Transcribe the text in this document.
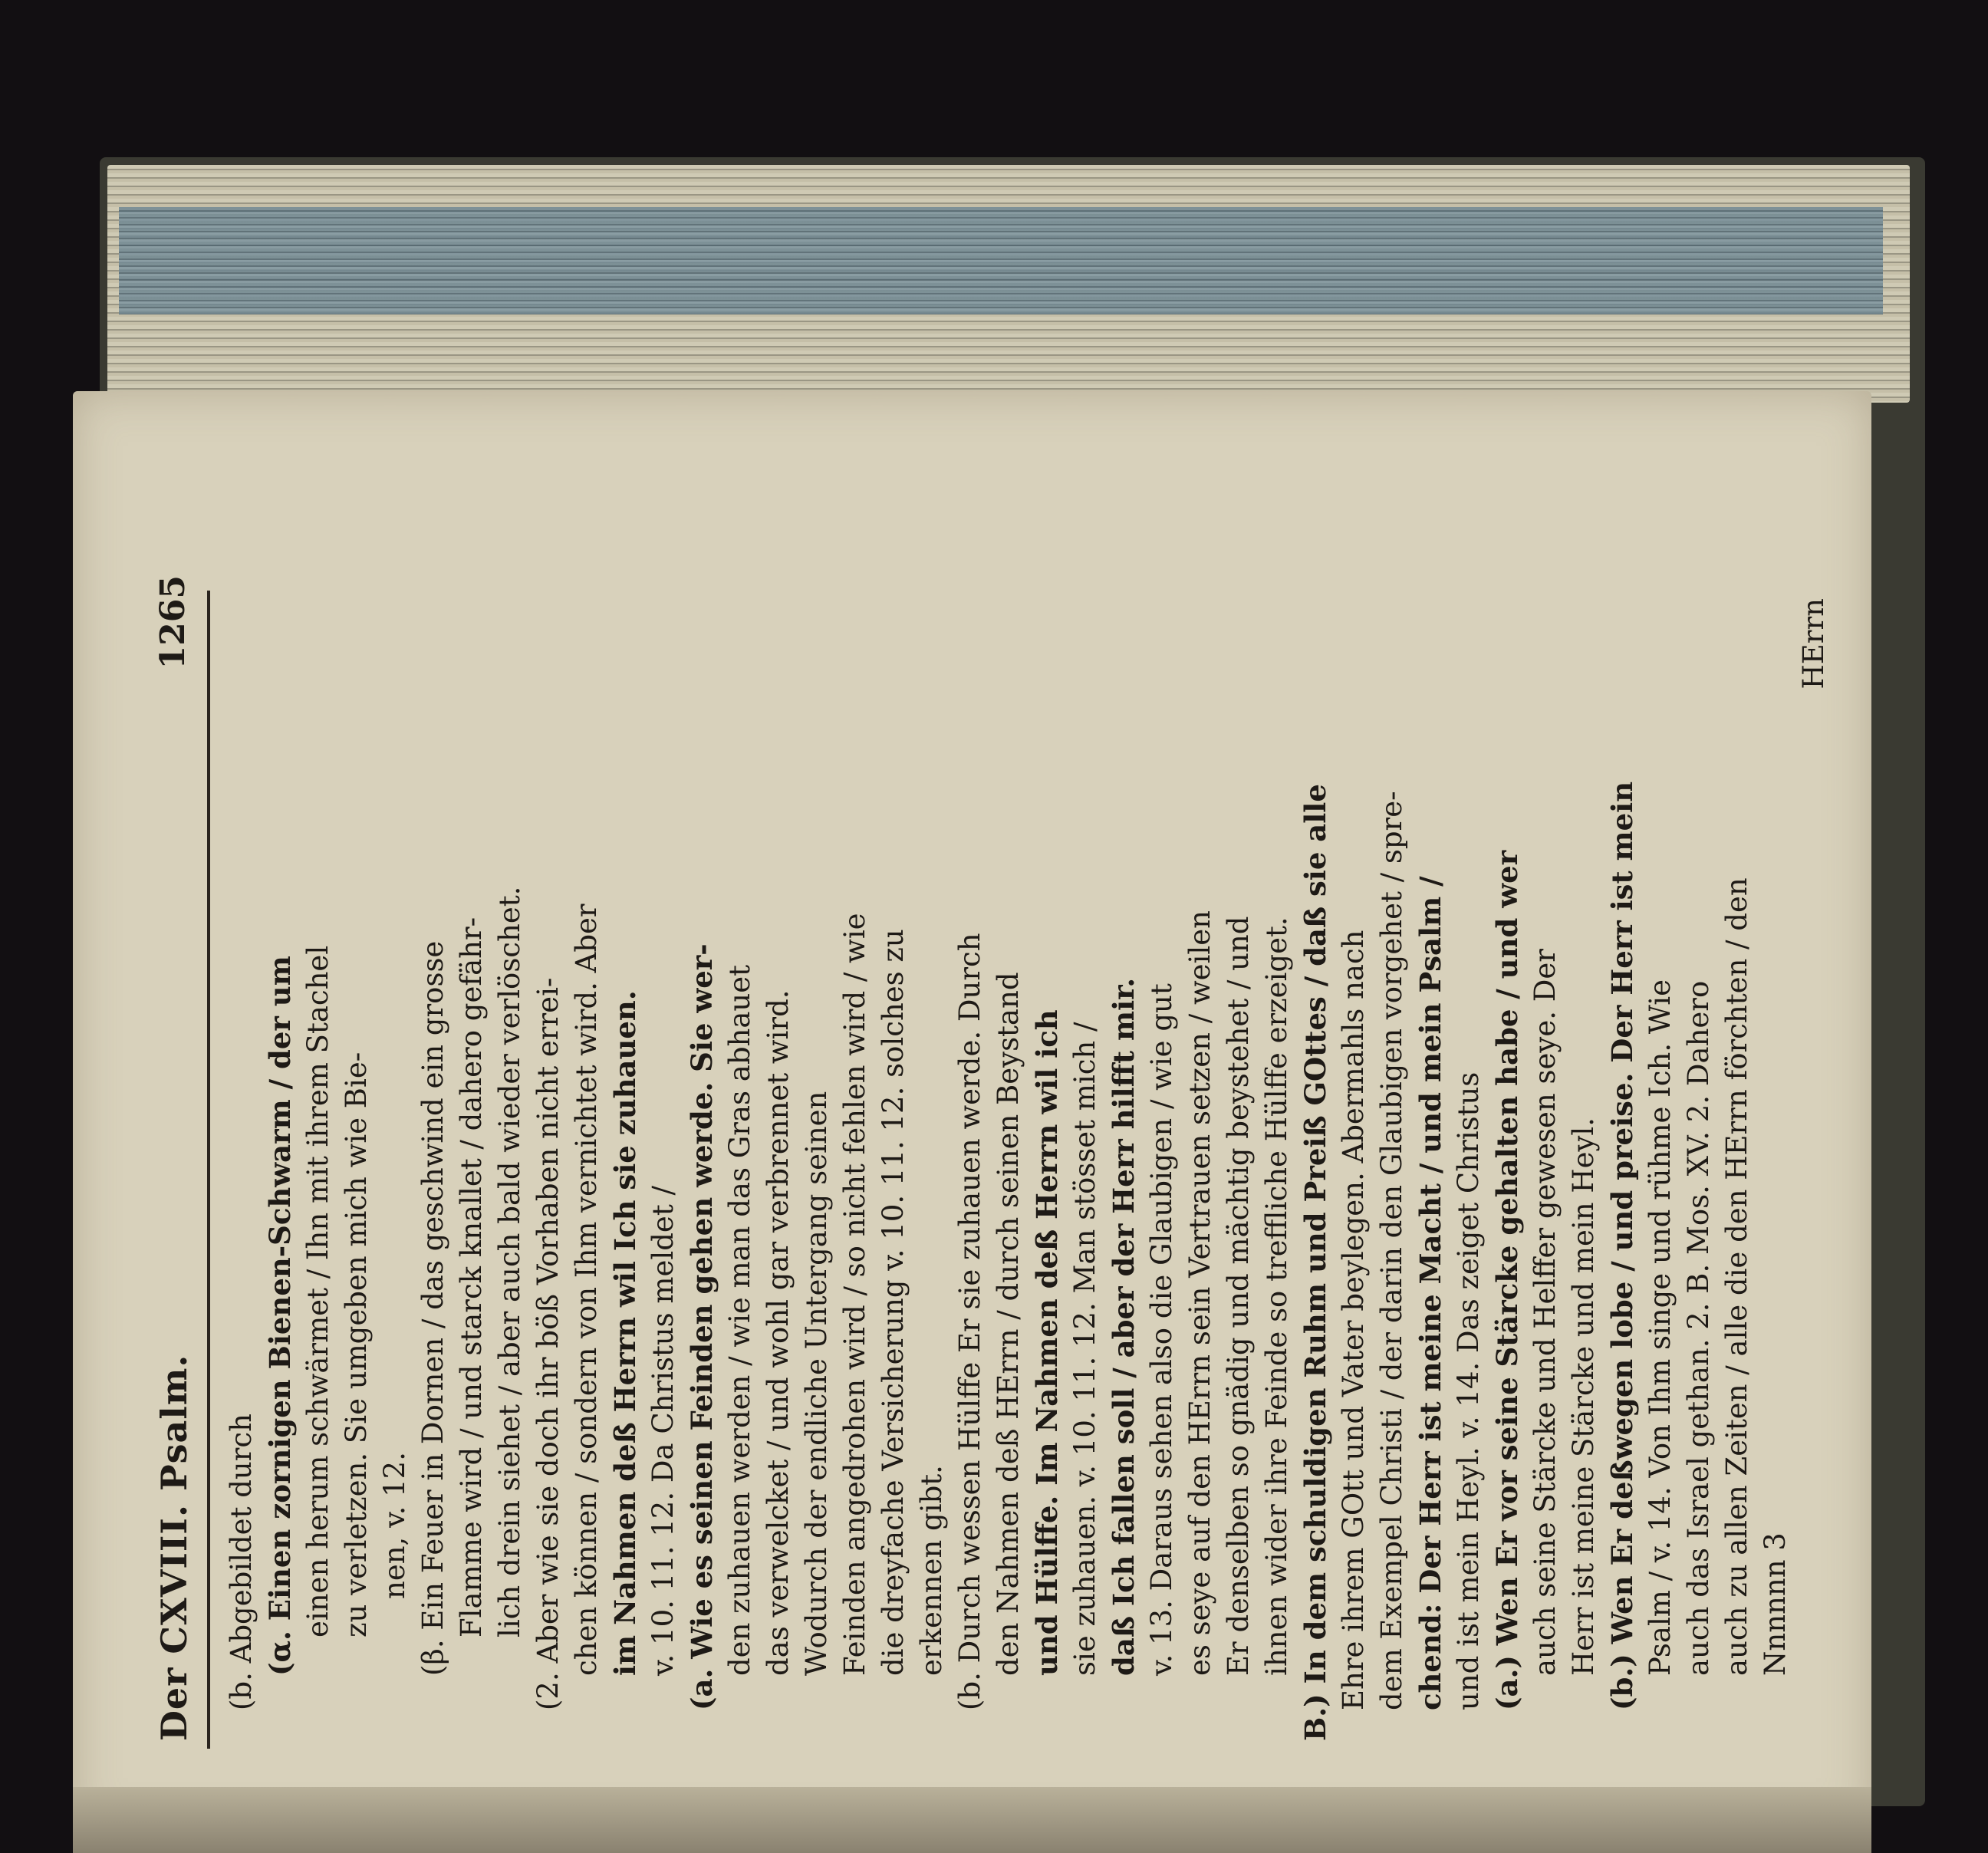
Der CXVIII. Psalm.
1265
(b. Abgebildet durch (α. Einen zornigen Bienen-Schwarm / der um einen herum schwärmet / Ihn mit ihrem Stachel zu verletzen. Sie umgeben mich wie Bie- nen, v. 12. (β. Ein Feuer in Dornen / das geschwind ein grosse Flamme wird / und starck knallet / dahero gefähr- lich drein siehet / aber auch bald wieder verlöschet. (2. Aber wie sie doch ihr böß Vorhaben nicht errei- chen können / sondern von Ihm vernichtet wird. Aber im Nahmen deß Herrn wil Ich sie zuhauen. v. 10. 11. 12. Da Christus meldet / (a. Wie es seinen Feinden gehen werde. Sie wer- den zuhauen werden / wie man das Gras abhauet das verwelcket / und wohl gar verbrennet wird. Wodurch der endliche Untergang seinen Feinden angedrohen wird / so nicht fehlen wird / wie die dreyfache Versicherung v. 10. 11. 12. solches zu erkennen gibt. (b. Durch wessen Hülffe Er sie zuhauen werde. Durch den Nahmen deß HErrn / durch seinen Beystand und Hülffe. Im Nahmen deß Herrn wil ich sie zuhauen. v. 10. 11. 12. Man stösset mich / daß Ich fallen soll / aber der Herr hilfft mir. v. 13. Daraus sehen also die Glaubigen / wie gut es seye auf den HErrn sein Vertrauen setzen / weilen Er denselben so gnädig und mächtig beystehet / und ihnen wider ihre Feinde so treffliche Hülffe erzeiget. B.) In dem schuldigen Ruhm und Preiß GOttes / daß sie alle Ehre ihrem GOtt und Vater beylegen. Abermahls nach dem Exempel Christi / der darin den Glaubigen vorgehet / spre- chend: Der Herr ist meine Macht / und mein Psalm / und ist mein Heyl. v. 14. Das zeiget Christus (a.) Wen Er vor seine Stärcke gehalten habe / und wer auch seine Stärcke und Helffer gewesen seye. Der Herr ist meine Stärcke und mein Heyl. (b.) Wen Er deßwegen lobe / und preise. Der Herr ist mein Psalm / v. 14. Von Ihm singe und rühme Ich. Wie auch das Israel gethan. 2. B. Mos. XV. 2. Dahero auch zu allen Zeiten / alle die den HErrn förchten / den Nnnnnn 3
HErrn
